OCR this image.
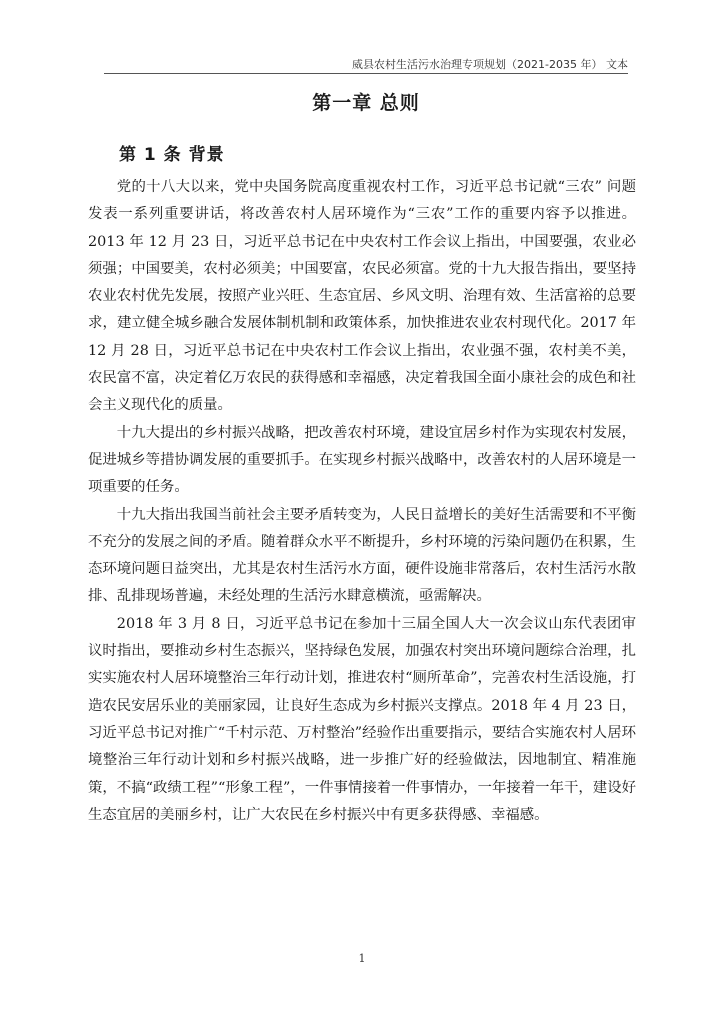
威县农村生活污水治理专项规划（2021-2035 年） 文本
第一章 总则
第 1 条 背景

党的十八大以来，党中央国务院高度重视农村工作，习近平总书记就“三农” 问题发表一系列重要讲话，将改善农村人居环境作为“三农”工作的重要内容予以推进。2013 年 12 月 23 日，习近平总书记在中央农村工作会议上指出，中国要强，农业必须强；中国要美，农村必须美；中国要富，农民必须富。党的十九大报告指出，要坚持农业农村优先发展，按照产业兴旺、生态宜居、乡风文明、治理有效、生活富裕的总要求，建立健全城乡融合发展体制机制和政策体系，加快推进农业农村现代化。2017 年 12 月 28 日，习近平总书记在中央农村工作会议上指出，农业强不强，农村美不美，农民富不富，决定着亿万农民的获得感和幸福感，决定着我国全面小康社会的成色和社会主义现代化的质量。

十九大提出的乡村振兴战略，把改善农村环境，建设宜居乡村作为实现农村发展，促进城乡等措协调发展的重要抓手。在实现乡村振兴战略中，改善农村的人居环境是一项重要的任务。

十九大指出我国当前社会主要矛盾转变为，人民日益增长的美好生活需要和不平衡不充分的发展之间的矛盾。随着群众水平不断提升，乡村环境的污染问题仍在积累，生态环境问题日益突出，尤其是农村生活污水方面，硬件设施非常落后，农村生活污水散排、乱排现场普遍，未经处理的生活污水肆意横流，亟需解决。

2018 年 3 月 8 日，习近平总书记在参加十三届全国人大一次会议山东代表团审议时指出，要推动乡村生态振兴，坚持绿色发展，加强农村突出环境问题综合治理，扎实实施农村人居环境整治三年行动计划，推进农村“厕所革命”，完善农村生活设施，打造农民安居乐业的美丽家园，让良好生态成为乡村振兴支撑点。2018 年 4 月 23 日，习近平总书记对推广“千村示范、万村整治”经验作出重要指示，要结合实施农村人居环境整治三年行动计划和乡村振兴战略，进一步推广好的经验做法，因地制宜、精准施策，不搞“政绩工程”“形象工程”，一件事情接着一件事情办，一年接着一年干，建设好生态宜居的美丽乡村，让广大农民在乡村振兴中有更多获得感、幸福感。

1
